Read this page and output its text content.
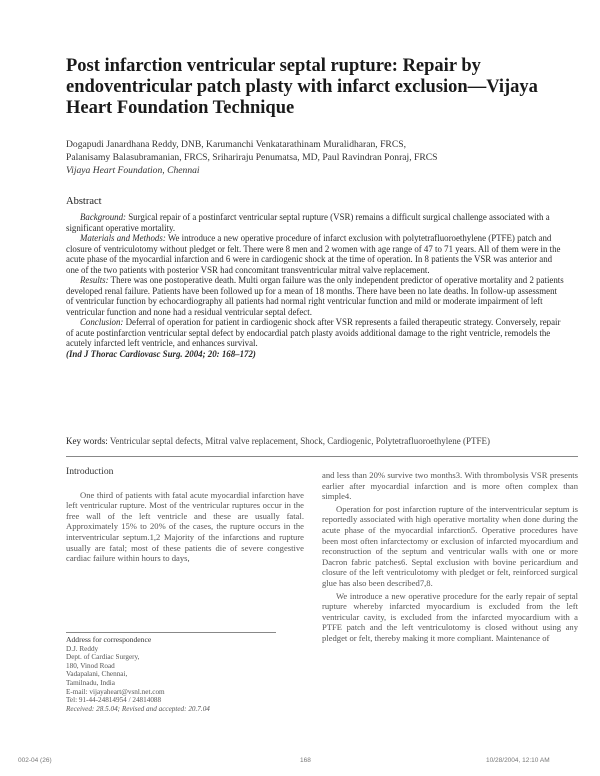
Post infarction ventricular septal rupture: Repair by endoventricular patch plasty with infarct exclusion—Vijaya Heart Foundation Technique
Dogapudi Janardhana Reddy, DNB, Karumanchi Venkatarathinam Muralidharan, FRCS,
Palanisamy Balasubramanian, FRCS, Srihariraju Penumatsa, MD, Paul Ravindran Ponraj, FRCS
Vijaya Heart Foundation, Chennai
Abstract

Background: Surgical repair of a postinfarct ventricular septal rupture (VSR) remains a difficult surgical challenge associated with a significant operative mortality.

Materials and Methods: We introduce a new operative procedure of infarct exclusion with polytetrafluoroethylene (PTFE) patch and closure of ventriculotomy without pledget or felt. There were 8 men and 2 women with age range of 47 to 71 years. All of them were in the acute phase of the myocardial infarction and 6 were in cardiogenic shock at the time of operation. In 8 patients the VSR was anterior and one of the two patients with posterior VSR had concomitant transventricular mitral valve replacement.

Results: There was one postoperative death. Multi organ failure was the only independent predictor of operative mortality and 2 patients developed renal failure. Patients have been followed up for a mean of 18 months. There have been no late deaths. In follow-up assessment of ventricular function by echocardiography all patients had normal right ventricular function and mild or moderate impairment of left ventricular function and none had a residual ventricular septal defect.

Conclusion: Deferral of operation for patient in cardiogenic shock after VSR represents a failed therapeutic strategy. Conversely, repair of acute postinfarction ventricular septal defect by endocardial patch plasty avoids additional damage to the right ventricle, remodels the acutely infarcted left ventricle, and enhances survival.

(Ind J Thorac Cardiovasc Surg. 2004; 20: 168–172)
Key words: Ventricular septal defects, Mitral valve replacement, Shock, Cardiogenic, Polytetrafluoroethylene (PTFE)
Introduction

One third of patients with fatal acute myocardial infarction have left ventricular rupture. Most of the ventricular ruptures occur in the free wall of the left ventricle and these are usually fatal. Approximately 15% to 20% of the cases, the rupture occurs in the interventricular septum.1,2 Majority of the infarctions and rupture usually are fatal; most of these patients die of severe congestive cardiac failure within hours to days,

and less than 20% survive two months3. With thrombolysis VSR presents earlier after myocardial infarction and is more often complex than simple4.

Operation for post infarction rupture of the interventricular septum is reportedly associated with high operative mortality when done during the acute phase of the myocardial infarction5. Operative procedures have been most often infarctectomy or exclusion of infarcted myocardium and reconstruction of the septum and ventricular walls with one or more Dacron fabric patches6. Septal exclusion with bovine pericardium and closure of the left ventriculotomy with pledget or felt, reinforced surgical glue has also been described7,8.

We introduce a new operative procedure for the early repair of septal rupture whereby infarcted myocardium is excluded from the left ventricular cavity, is excluded from the infarcted myocardium with a PTFE patch and the left ventriculotomy is closed without using any pledget or felt, thereby making it more compliant. Maintenance of

Address for correspondence
D.J. Reddy
Dept. of Cardiac Surgery,
180, Vinod Road
Vadapalani, Chennai,
Tamilnadu, India
E-mail: vijayaheart@vsnl.net.com
Tel: 91-44-24814954 / 24814088
Received: 28.5.04; Revised and accepted: 20.7.04
002-04 (26)	168	10/28/2004, 12:10 AM
